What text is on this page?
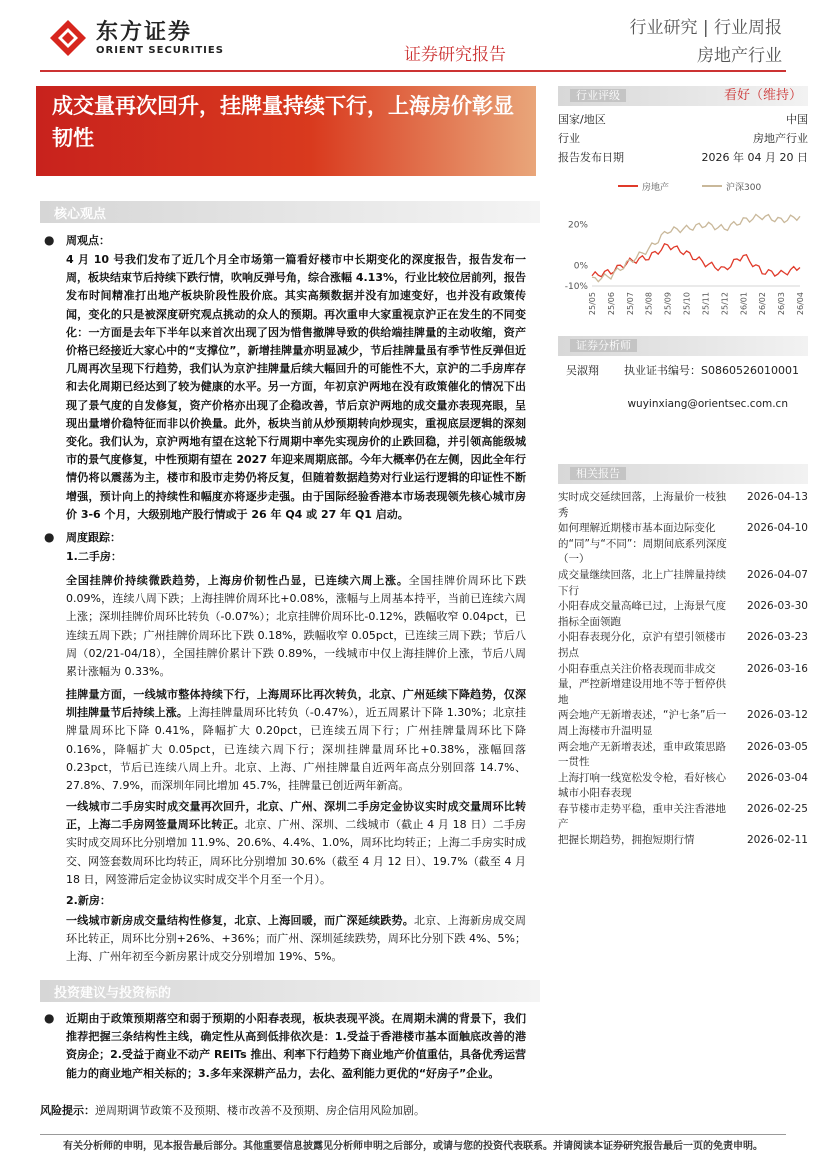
东方证券
ORIENT SECURITIES
行业研究 | 行业周报
房地产行业
证券研究报告
成交量再次回升，挂牌量持续下行，上海房价彰显韧性
行业评级	看好（维持）
国家/地区	中国
行业	房地产行业
报告发布日期	2026 年 04 月 20 日
房地产	沪深300
20%
0%
-10%
25/05 25/06 25/07 25/08 25/09 25/10 25/11 25/12 26/01 26/02 26/03 26/04
证券分析师
吴淑翔	执业证书编号：S0860526010001
wuyinxiang@orientsec.com.cn
相关报告
实时成交延续回落，上海量价一枝独秀
2026-04-13
如何理解近期楼市基本面边际变化的“同”与“不同”：周期间底系列深度（一）
2026-04-10
成交量继续回落，北上广挂牌量持续下行
2026-04-07
小阳春成交量高峰已过，上海景气度指标全面领跑
2026-03-30
小阳春表现分化，京沪有望引领楼市拐点
2026-03-23
小阳春重点关注价格表现而非成交量，严控新增建设用地不等于暂停供地
2026-03-16
两会地产无新增表述，“沪七条”后一周上海楼市升温明显
2026-03-12
两会地产无新增表述，重申政策思路一贯性
2026-03-05
上海打响一线宽松发令枪，看好核心城市小阳春表现
2026-03-04
春节楼市走势平稳，重申关注香港地产
2026-02-25
把握长期趋势，拥抱短期行情	2026-02-11
核心观点
● 周观点：
4 月 10 号我们发布了近几个月全市场第一篇看好楼市中长期变化的深度报告，报告发布一周，板块结束节后持续下跌行情，吹响反弹号角，综合涨幅 4.13%，行业比较位居前列，报告发布时间精准打出地产板块阶段性股价底。其实高频数据并没有加速变好，也并没有政策传闻，变化的只是被深度研究观点挑动的众人的预期。再次重申大家重视京沪正在发生的不同变化：一方面是去年下半年以来首次出现了因为惜售撤牌导致的供给端挂牌量的主动收缩，资产价格已经接近大家心中的“支撑位”，新增挂牌量亦明显减少，节后挂牌量虽有季节性反弹但近几周再次呈现下行趋势，我们认为京沪挂牌量后续大幅回升的可能性不大，京沪的二手房库存和去化周期已经达到了较为健康的水平。另一方面，年初京沪两地在没有政策催化的情况下出现了景气度的自发修复，资产价格亦出现了企稳改善，节后京沪两地的成交量亦表现亮眼，呈现出量增价稳特征而非以价换量。此外，板块当前从炒预期转向炒现实，重视底层逻辑的深刻变化。我们认为，京沪两地有望在这轮下行周期中率先实现房价的止跌回稳，并引领高能级城市的景气度修复，中性预期有望在 2027 年迎来周期底部。今年大概率仍在左侧，因此全年行情仍将以震荡为主，楼市和股市走势仍将反复，但随着数据趋势对行业运行逻辑的印证性不断增强，预计向上的持续性和幅度亦将逐步走强。由于国际经验香港本市场表现领先核心城市房价 3-6 个月，大级别地产股行情或于 26 年 Q4 或 27 年 Q1 启动。
● 周度跟踪：
1.二手房：
全国挂牌价持续微跌趋势，上海房价韧性凸显，已连续六周上涨。全国挂牌价周环比下跌 0.09%，连续八周下跌；上海挂牌价周环比+0.08%，涨幅与上周基本持平，当前已连续六周上涨；深圳挂牌价周环比转负（-0.07%）；北京挂牌价周环比-0.12%，跌幅收窄 0.04pct，已连续五周下跌；广州挂牌价周环比下跌 0.18%，跌幅收窄 0.05pct，已连续三周下跌；节后八周（02/21-04/18），全国挂牌价累计下跌 0.89%，一线城市中仅上海挂牌价上涨，节后八周累计涨幅为 0.33%。
挂牌量方面，一线城市整体持续下行，上海周环比再次转负，北京、广州延续下降趋势，仅深圳挂牌量节后持续上涨。上海挂牌量周环比转负（-0.47%），近五周累计下降 1.30%；北京挂牌量周环比下降 0.41%，降幅扩大 0.20pct，已连续五周下行；广州挂牌量周环比下降 0.16%，降幅扩大 0.05pct，已连续六周下行；深圳挂牌量周环比+0.38%，涨幅回落 0.23pct，节后已连续八周上升。北京、上海、广州挂牌量自近两年高点分别回落 14.7%、27.8%、7.9%，而深圳年同比增加 45.7%，挂牌量已创近两年新高。
一线城市二手房实时成交量再次回升，北京、广州、深圳二手房定金协议实时成交量周环比转正，上海二手房网签量周环比转正。北京、广州、深圳、二线城市（截止 4 月 18 日）二手房实时成交周环比分别增加 11.9%、20.6%、4.4%、1.0%，周环比均转正；上海二手房实时成交、网签套数周环比均转正，周环比分别增加 30.6%（截至 4 月 12 日）、19.7%（截至 4 月 18 日，网签滞后定金协议实时成交半个月至一个月）。
2.新房：
一线城市新房成交量结构性修复，北京、上海回暖，而广深延续跌势。北京、上海新房成交周环比转正，周环比分别+26%、+36%；而广州、深圳延续跌势，周环比分别下跌 4%、5%；上海、广州年初至今新房累计成交分别增加 19%、5%。
投资建议与投资标的
● 近期由于政策预期落空和弱于预期的小阳春表现，板块表现平淡。在周期未满的背景下，我们推荐把握三条结构性主线，确定性从高到低排依次是：1.受益于香港楼市基本面触底改善的港资房企；2.受益于商业不动产 REITs 推出、利率下行趋势下商业地产价值重估，具备优秀运营能力的商业地产相关标的；3.多年来深耕产品力，去化、盈利能力更优的“好房子”企业。
风险提示：逆周期调节政策不及预期、楼市改善不及预期、房企信用风险加剧。
有关分析师的申明，见本报告最后部分。其他重要信息披露见分析师申明之后部分，或请与您的投资代表联系。并请阅读本证券研究报告最后一页的免责申明。
